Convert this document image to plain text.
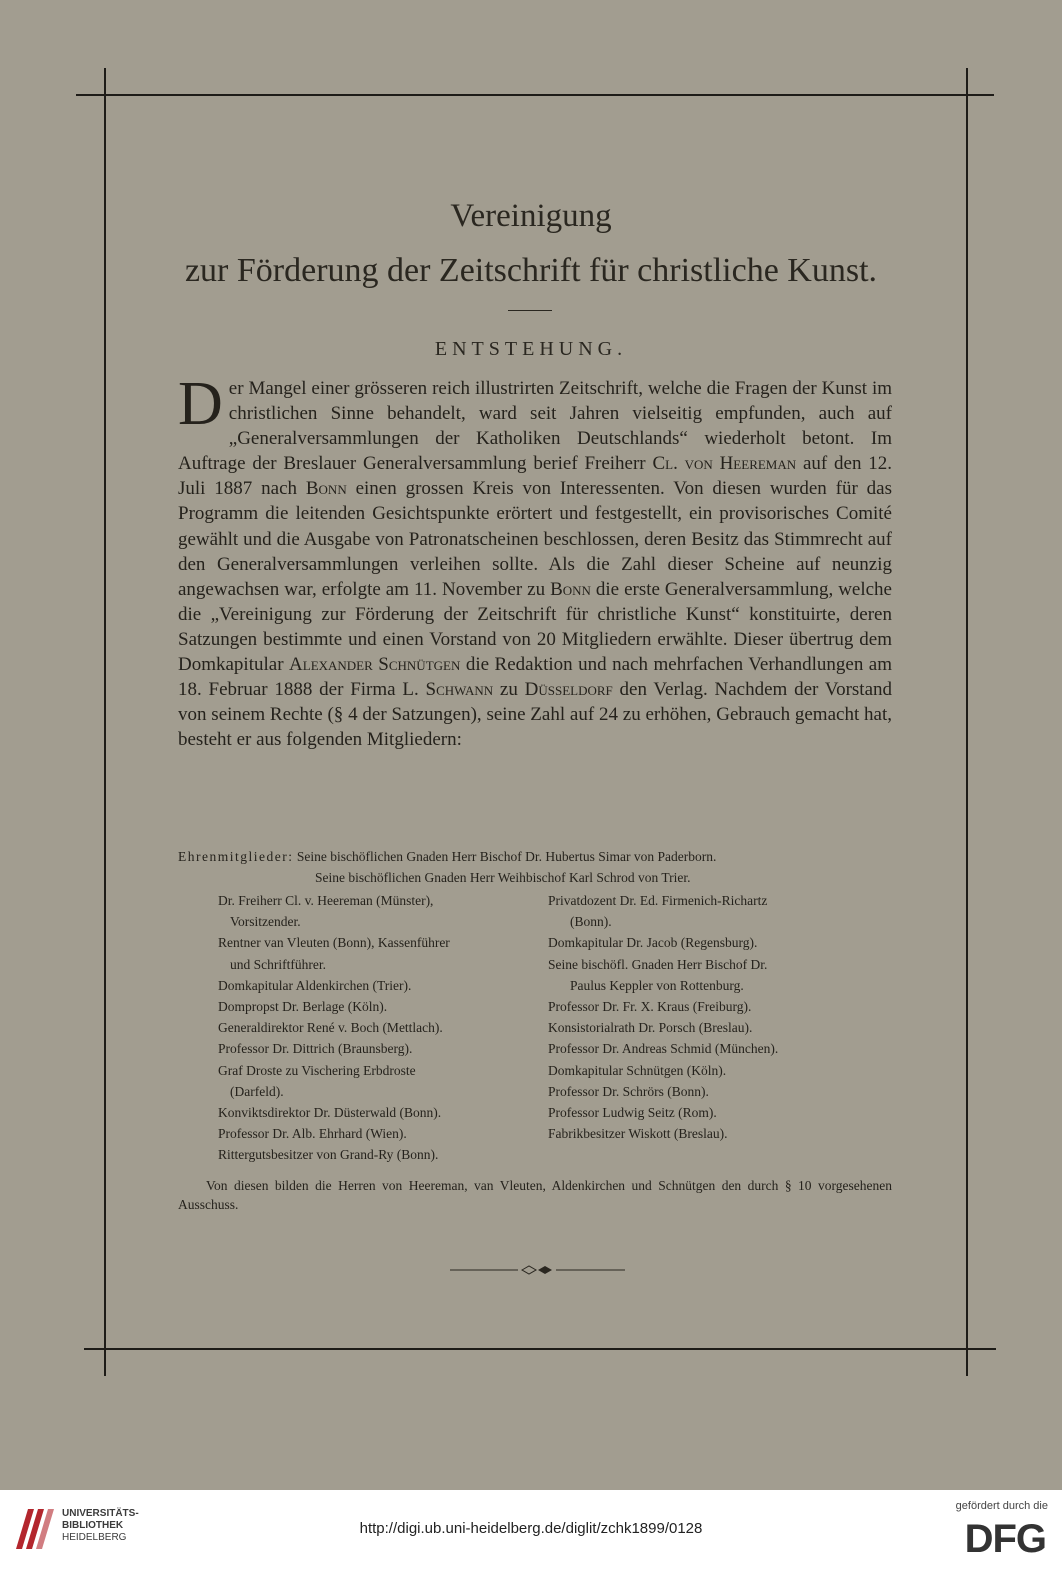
Vereinigung
zur Förderung der Zeitschrift für christliche Kunst.
ENTSTEHUNG.
Der Mangel einer grösseren reich illustrirten Zeitschrift, welche die Fragen der Kunst im christlichen Sinne behandelt, ward seit Jahren vielseitig empfunden, auch auf „Generalversammlungen der Katholiken Deutschlands“ wiederholt betont. Im Auftrage der Breslauer Generalversammlung berief Freiherr Cl. von Heereman auf den 12. Juli 1887 nach Bonn einen grossen Kreis von Interessenten. Von diesen wurden für das Programm die leitenden Gesichtspunkte erörtert und festgestellt, ein provisorisches Comité gewählt und die Ausgabe von Patronatscheinen beschlossen, deren Besitz das Stimmrecht auf den Generalversammlungen verleihen sollte. Als die Zahl dieser Scheine auf neunzig angewachsen war, erfolgte am 11. November zu Bonn die erste Generalversammlung, welche die „Vereinigung zur Förderung der Zeitschrift für christliche Kunst“ konstituirte, deren Satzungen bestimmte und einen Vorstand von 20 Mitgliedern erwählte. Dieser übertrug dem Domkapitular Alexander Schnütgen die Redaktion und nach mehrfachen Verhandlungen am 18. Februar 1888 der Firma L. Schwann zu Düsseldorf den Verlag. Nachdem der Vorstand von seinem Rechte (§ 4 der Satzungen), seine Zahl auf 24 zu erhöhen, Gebrauch gemacht hat, besteht er aus folgenden Mitgliedern:
Ehrenmitglieder: Seine bischöflichen Gnaden Herr Bischof Dr. Hubertus Simar von Paderborn.
Seine bischöflichen Gnaden Herr Weihbischof Karl Schrod von Trier.
Dr. Freiherr Cl. v. Heereman (Münster),
Vorsitzender.
Rentner van Vleuten (Bonn), Kassenführer
und Schriftführer.
Domkapitular Aldenkirchen (Trier).
Dompropst Dr. Berlage (Köln).
Generaldirektor René v. Boch (Mettlach).
Professor Dr. Dittrich (Braunsberg).
Graf Droste zu Vischering Erbdroste
(Darfeld).
Konviktsdirektor Dr. Düsterwald (Bonn).
Professor Dr. Alb. Ehrhard (Wien).
Rittergutsbesitzer von Grand-Ry (Bonn).
Privatdozent Dr. Ed. Firmenich-Richartz
(Bonn).
Domkapitular Dr. Jacob (Regensburg).
Seine bischöfl. Gnaden Herr Bischof Dr.
Paulus Keppler von Rottenburg.
Professor Dr. Fr. X. Kraus (Freiburg).
Konsistorialrath Dr. Porsch (Breslau).
Professor Dr. Andreas Schmid (München).
Domkapitular Schnütgen (Köln).
Professor Dr. Schrörs (Bonn).
Professor Ludwig Seitz (Rom).
Fabrikbesitzer Wiskott (Breslau).
Von diesen bilden die Herren von Heereman, van Vleuten, Aldenkirchen und Schnütgen den durch § 10 vorgesehenen Ausschuss.
UNIVERSITÄTS-
BIBLIOTHEK
HEIDELBERG
http://digi.ub.uni-heidelberg.de/diglit/zchk1899/0128
gefördert durch die
DFG
